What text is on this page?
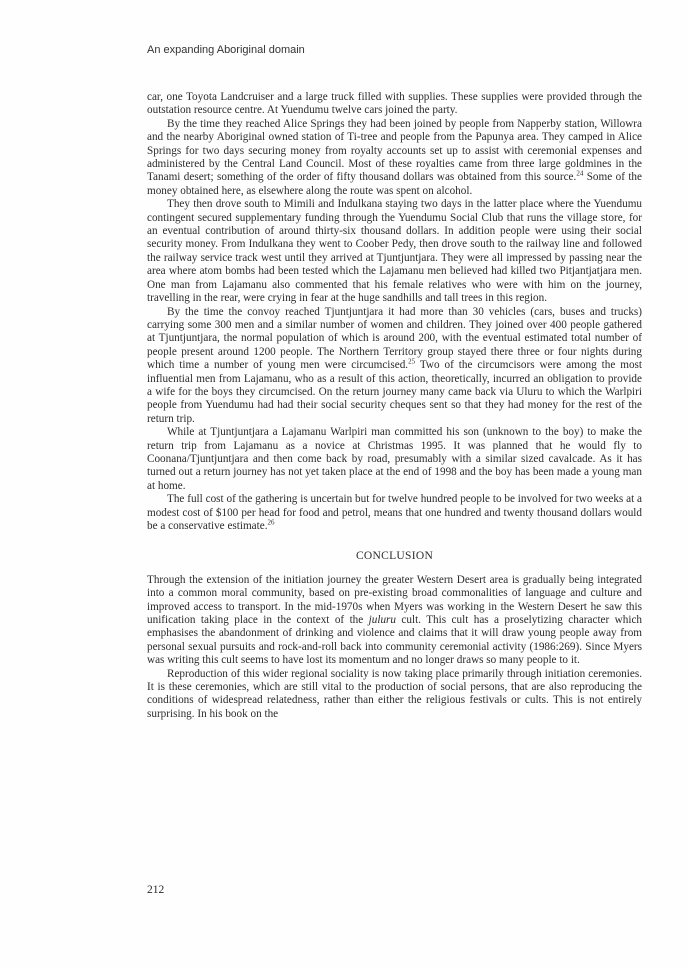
An expanding Aboriginal domain

car, one Toyota Landcruiser and a large truck filled with supplies. These supplies were provided through the outstation resource centre. At Yuendumu twelve cars joined the party.

By the time they reached Alice Springs they had been joined by people from Napperby station, Willowra and the nearby Aboriginal owned station of Ti-tree and people from the Papunya area. They camped in Alice Springs for two days securing money from royalty accounts set up to assist with ceremonial expenses and administered by the Central Land Council. Most of these royalties came from three large goldmines in the Tanami desert; something of the order of fifty thousand dollars was obtained from this source.$^{24}$ Some of the money obtained here, as elsewhere along the route was spent on alcohol.

They then drove south to Mimili and Indulkana staying two days in the latter place where the Yuendumu contingent secured supplementary funding through the Yuendumu Social Club that runs the village store, for an eventual contribution of around thirty-six thousand dollars. In addition people were using their social security money. From Indulkana they went to Coober Pedy, then drove south to the railway line and followed the railway service track west until they arrived at Tjuntjuntjara. They were all impressed by passing near the area where atom bombs had been tested which the Lajamanu men believed had killed two Pitjantjatjara men. One man from Lajamanu also commented that his female relatives who were with him on the journey, travelling in the rear, were crying in fear at the huge sandhills and tall trees in this region.

By the time the convoy reached Tjuntjuntjara it had more than 30 vehicles (cars, buses and trucks) carrying some 300 men and a similar number of women and children. They joined over 400 people gathered at Tjuntjuntjara, the normal population of which is around 200, with the eventual estimated total number of people present around 1200 people. The Northern Territory group stayed there three or four nights during which time a number of young men were circumcised.$^{25}$ Two of the circumcisors were among the most influential men from Lajamanu, who as a result of this action, theoretically, incurred an obligation to provide a wife for the boys they circumcised. On the return journey many came back via Uluru to which the Warlpiri people from Yuendumu had had their social security cheques sent so that they had money for the rest of the return trip.

While at Tjuntjuntjara a Lajamanu Warlpiri man committed his son (unknown to the boy) to make the return trip from Lajamanu as a novice at Christmas 1995. It was planned that he would fly to Coonana/Tjuntjuntjara and then come back by road, presumably with a similar sized cavalcade. As it has turned out a return journey has not yet taken place at the end of 1998 and the boy has been made a young man at home.

The full cost of the gathering is uncertain but for twelve hundred people to be involved for two weeks at a modest cost of $100 per head for food and petrol, means that one hundred and twenty thousand dollars would be a conservative estimate.$^{26}$

CONCLUSION

Through the extension of the initiation journey the greater Western Desert area is gradually being integrated into a common moral community, based on pre-existing broad commonalities of language and culture and improved access to transport. In the mid-1970s when Myers was working in the Western Desert he saw this unification taking place in the context of the juluru cult. This cult has a proselytizing character which emphasises the abandonment of drinking and violence and claims that it will draw young people away from personal sexual pursuits and rock-and-roll back into community ceremonial activity (1986:269). Since Myers was writing this cult seems to have lost its momentum and no longer draws so many people to it.

Reproduction of this wider regional sociality is now taking place primarily through initiation ceremonies. It is these ceremonies, which are still vital to the production of social persons, that are also reproducing the conditions of widespread relatedness, rather than either the religious festivals or cults. This is not entirely surprising. In his book on the

212
